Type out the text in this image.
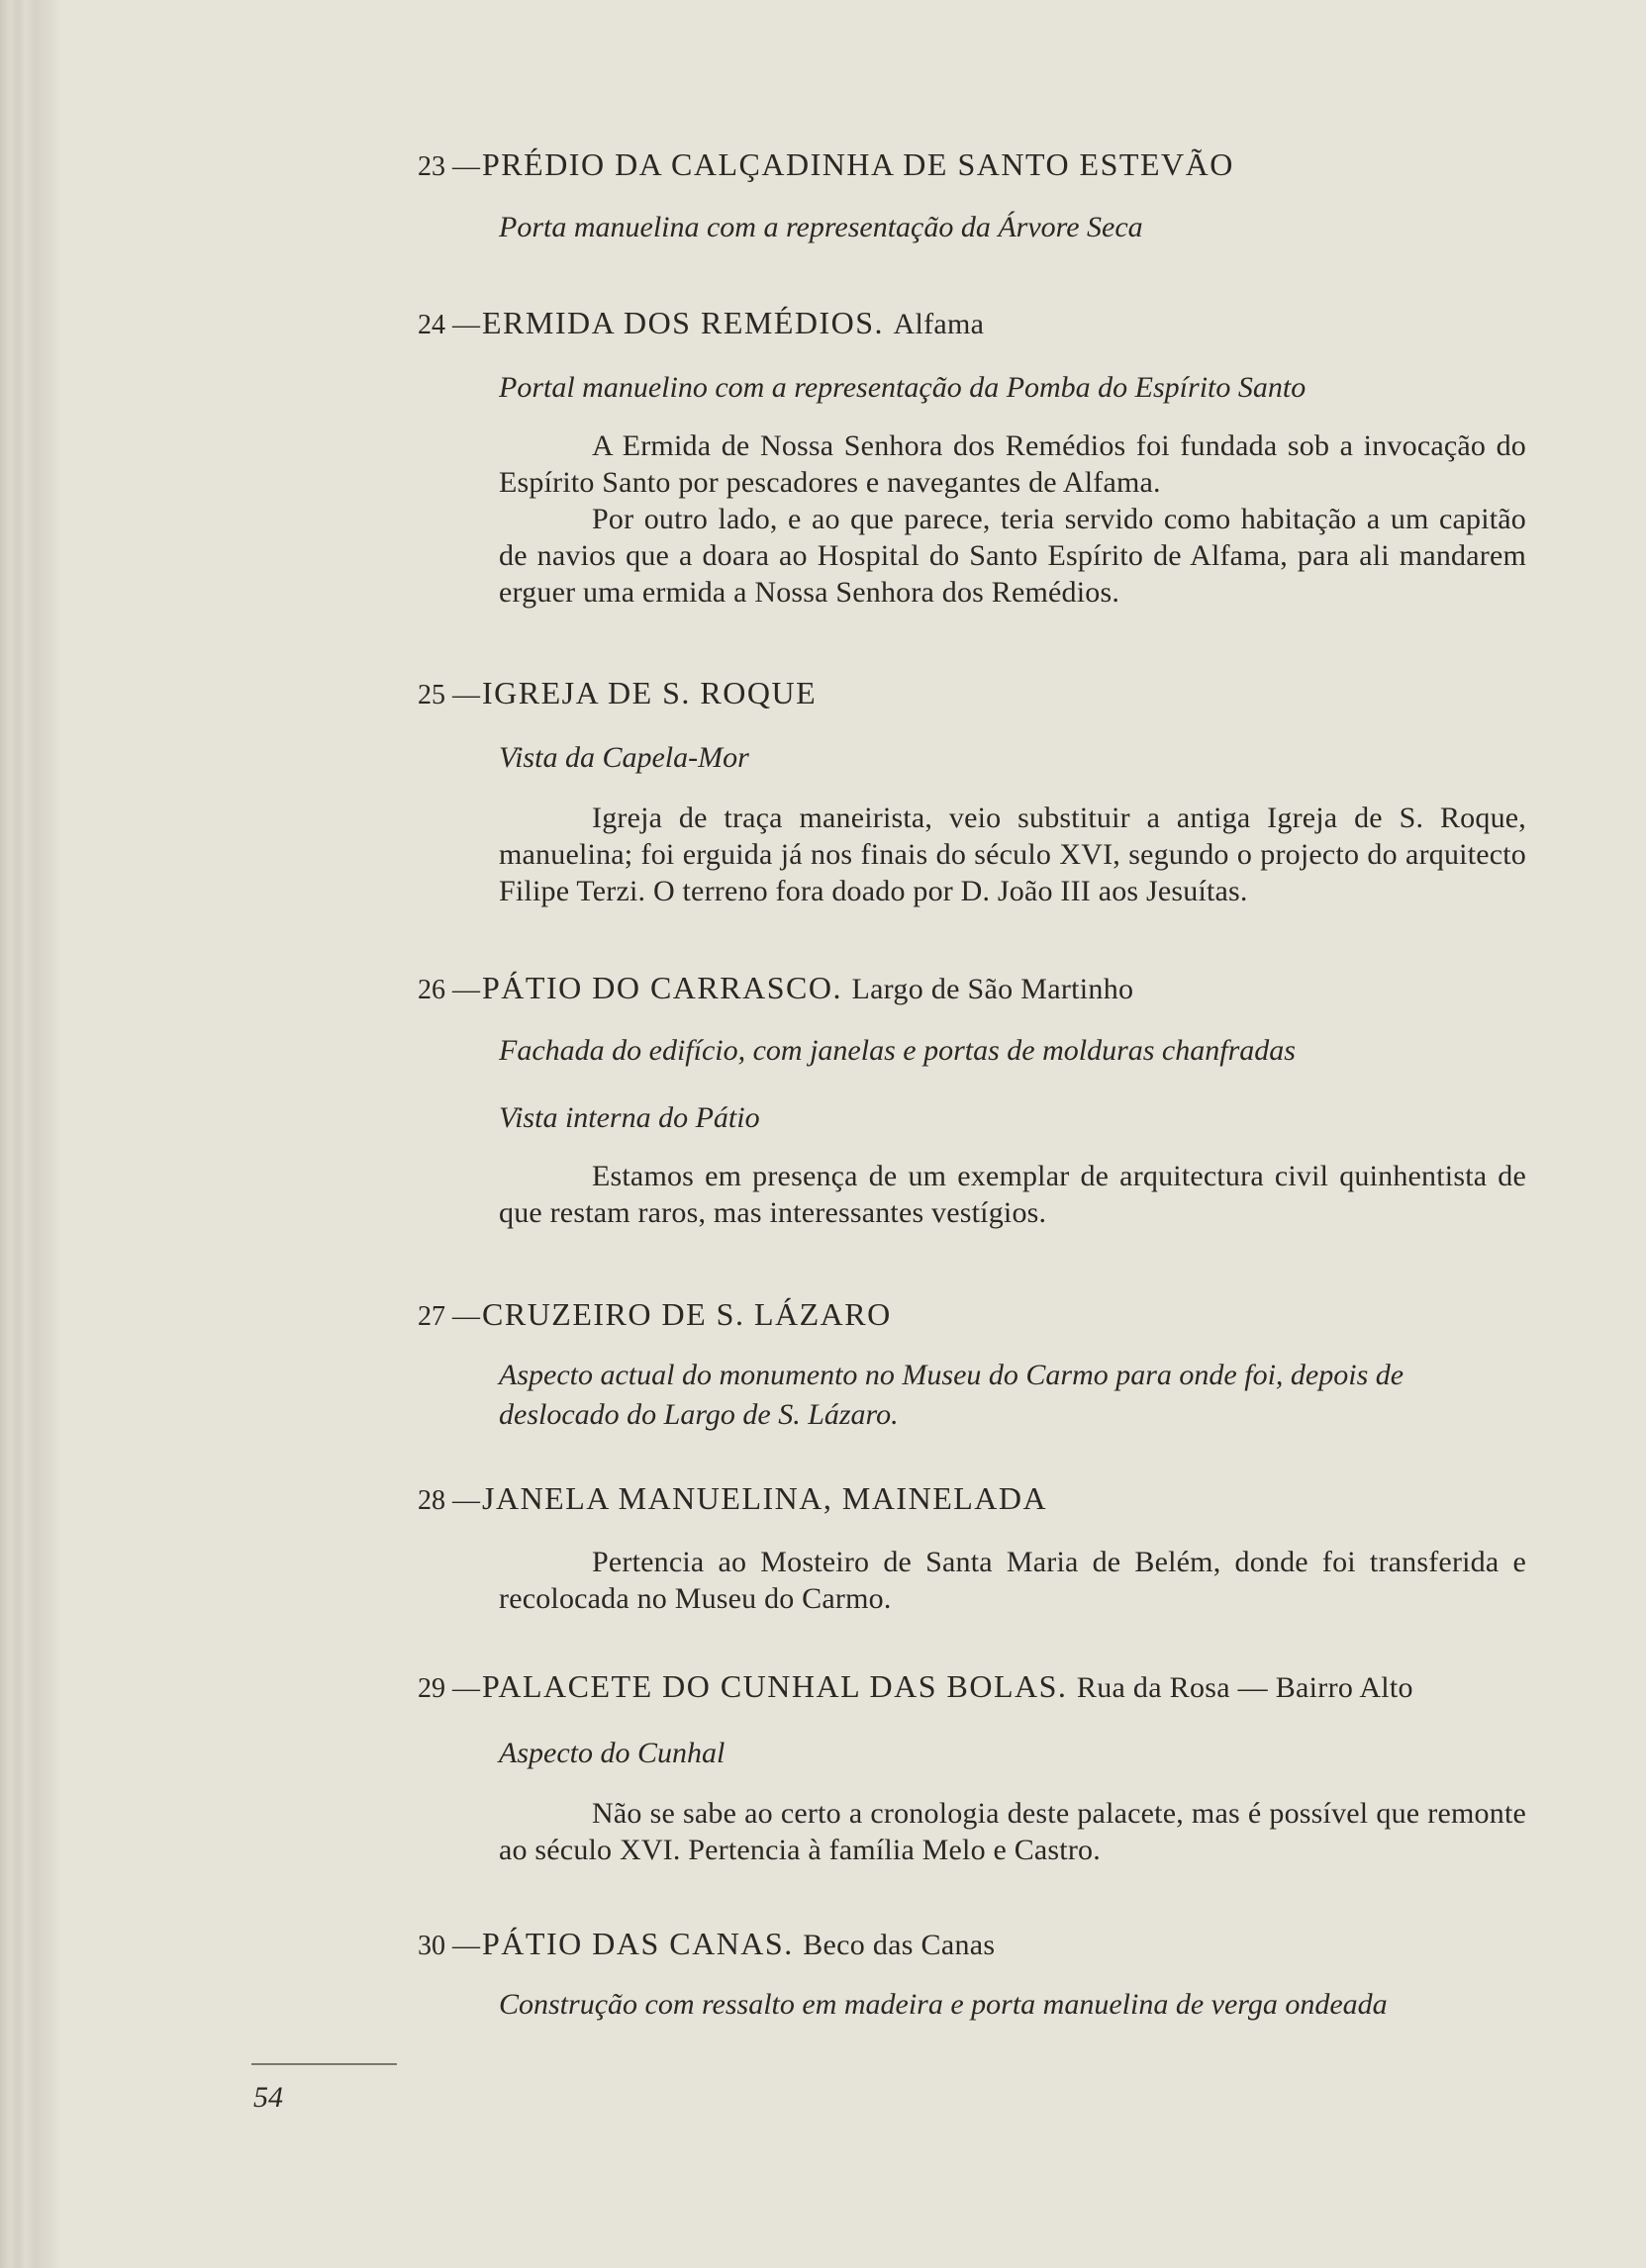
23 —PRÉDIO DA CALÇADINHA DE SANTO ESTEVÃO
Porta manuelina com a representação da Árvore Seca
24 —ERMIDA DOS REMÉDIOS. Alfama
Portal manuelino com a representação da Pomba do Espírito Santo
A Ermida de Nossa Senhora dos Remédios foi fundada sob a invocação do Espírito Santo por pescadores e navegantes de Alfama.
Por outro lado, e ao que parece, teria servido como habitação a um capitão de navios que a doara ao Hospital do Santo Espírito de Alfama, para ali mandarem erguer uma ermida a Nossa Senhora dos Remédios.
25 —IGREJA DE S. ROQUE
Vista da Capela-Mor
Igreja de traça maneirista, veio substituir a antiga Igreja de S. Roque, manuelina; foi erguida já nos finais do século XVI, segundo o projecto do arquitecto Filipe Terzi. O terreno fora doado por D. João III aos Jesuítas.
26 —PÁTIO DO CARRASCO. Largo de São Martinho
Fachada do edifício, com janelas e portas de molduras chanfradas
Vista interna do Pátio
Estamos em presença de um exemplar de arquitectura civil quinhentista de que restam raros, mas interessantes vestígios.
27 —CRUZEIRO DE S. LÁZARO
Aspecto actual do monumento no Museu do Carmo para onde foi, depois de
deslocado do Largo de S. Lázaro.
28 —JANELA MANUELINA, MAINELADA
Pertencia ao Mosteiro de Santa Maria de Belém, donde foi transferida e recolocada no Museu do Carmo.
29 —PALACETE DO CUNHAL DAS BOLAS. Rua da Rosa — Bairro Alto
Aspecto do Cunhal
Não se sabe ao certo a cronologia deste palacete, mas é possível que remonte ao século XVI. Pertencia à família Melo e Castro.
30 —PÁTIO DAS CANAS. Beco das Canas
Construção com ressalto em madeira e porta manuelina de verga ondeada
54
